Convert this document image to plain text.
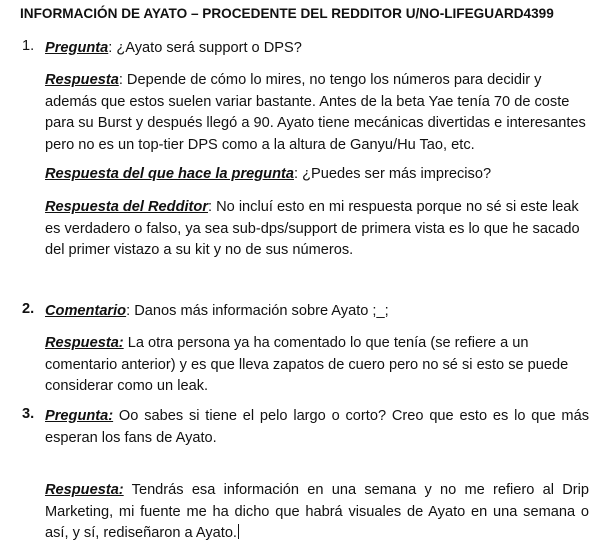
INFORMACIÓN DE AYATO – PROCEDENTE DEL REDDITOR U/NO-LIFEGUARD4399
1. Pregunta: ¿Ayato será support o DPS?
Respuesta: Depende de cómo lo mires, no tengo los números para decidir y además que estos suelen variar bastante. Antes de la beta Yae tenía 70 de coste para su Burst y después llegó a 90. Ayato tiene mecánicas divertidas e interesantes pero no es un top-tier DPS como a la altura de Ganyu/Hu Tao, etc.
Respuesta del que hace la pregunta: ¿Puedes ser más impreciso?
Respuesta del Redditor: No incluí esto en mi respuesta porque no sé si este leak es verdadero o falso, ya sea sub-dps/support de primera vista es lo que he sacado del primer vistazo a su kit y no de sus números.
2. Comentario: Danos más información sobre Ayato ;_;
Respuesta: La otra persona ya ha comentado lo que tenía (se refiere a un comentario anterior) y es que lleva zapatos de cuero pero no sé si esto se puede considerar como un leak.
3. Pregunta: Oo sabes si tiene el pelo largo o corto? Creo que esto es lo que más esperan los fans de Ayato.
Respuesta: Tendrás esa información en una semana y no me refiero al Drip Marketing, mi fuente me ha dicho que habrá visuales de Ayato en una semana o así, y sí, rediseñaron a Ayato.
